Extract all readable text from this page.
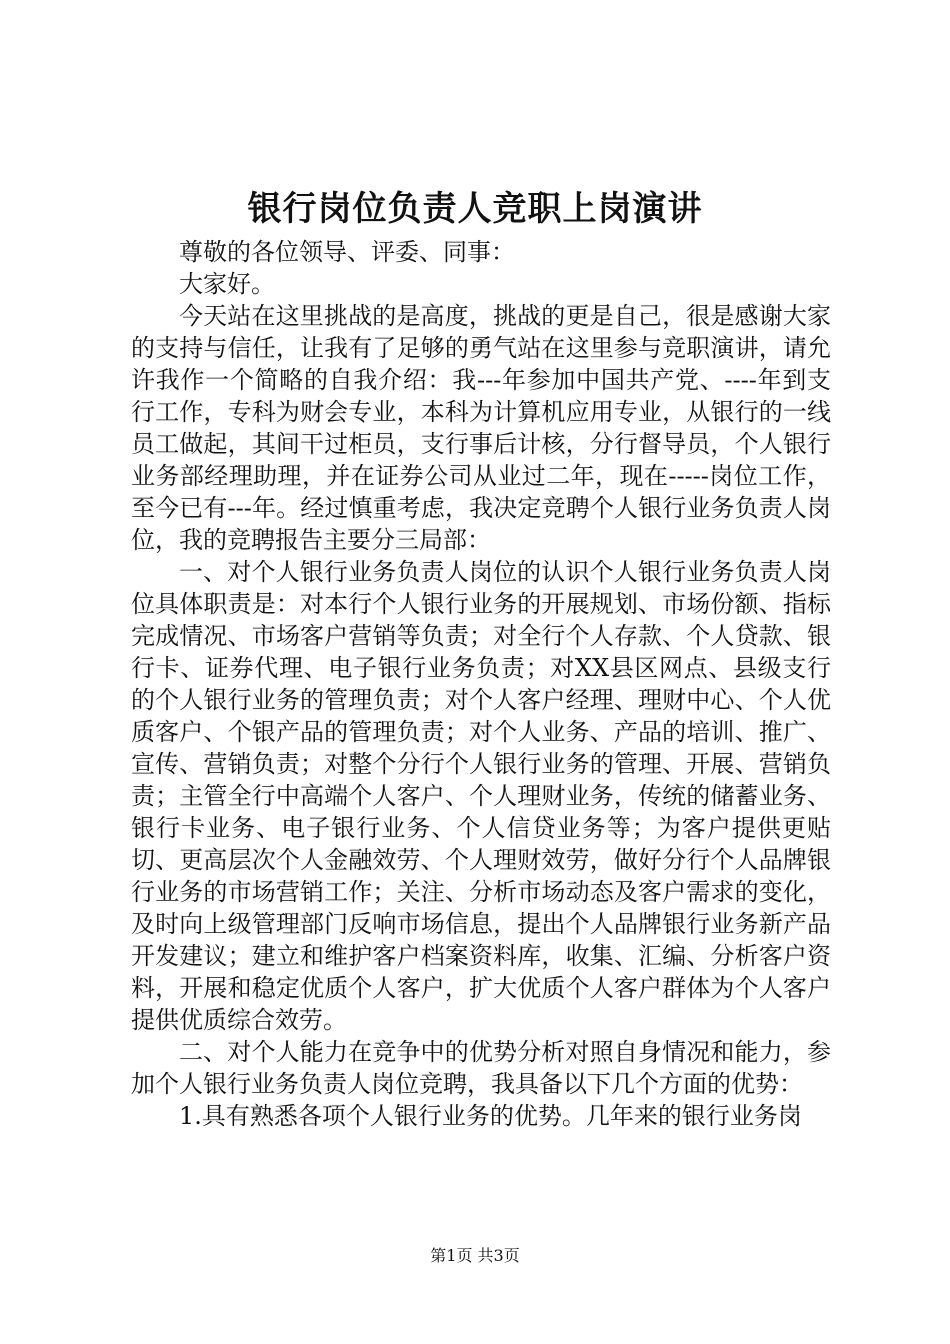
银行岗位负责人竞职上岗演讲

尊敬的各位领导、评委、同事：

大家好。

今天站在这里挑战的是高度，挑战的更是自己，很是感谢大家的支持与信任，让我有了足够的勇气站在这里参与竞职演讲，请允许我作一个简略的自我介绍：我---年参加中国共产党、----年到支行工作，专科为财会专业，本科为计算机应用专业，从银行的一线员工做起，其间干过柜员，支行事后计核，分行督导员，个人银行业务部经理助理，并在证券公司从业过二年，现在-----岗位工作，至今已有---年。经过慎重考虑，我决定竞聘个人银行业务负责人岗位，我的竞聘报告主要分三局部：

一、对个人银行业务负责人岗位的认识个人银行业务负责人岗位具体职责是：对本行个人银行业务的开展规划、市场份额、指标完成情况、市场客户营销等负责；对全行个人存款、个人贷款、银行卡、证券代理、电子银行业务负责；对XX县区网点、县级支行的个人银行业务的管理负责；对个人客户经理、理财中心、个人优质客户、个银产品的管理负责；对个人业务、产品的培训、推广、宣传、营销负责；对整个分行个人银行业务的管理、开展、营销负责；主管全行中高端个人客户、个人理财业务，传统的储蓄业务、银行卡业务、电子银行业务、个人信贷业务等；为客户提供更贴切、更高层次个人金融效劳、个人理财效劳，做好分行个人品牌银行业务的市场营销工作；关注、分析市场动态及客户需求的变化，及时向上级管理部门反响市场信息，提出个人品牌银行业务新产品开发建议；建立和维护客户档案资料库，收集、汇编、分析客户资料，开展和稳定优质个人客户，扩大优质个人客户群体为个人客户提供优质综合效劳。

二、对个人能力在竞争中的优势分析对照自身情况和能力，参加个人银行业务负责人岗位竞聘，我具备以下几个方面的优势：

1.具有熟悉各项个人银行业务的优势。几年来的银行业务岗

第1页 共3页
